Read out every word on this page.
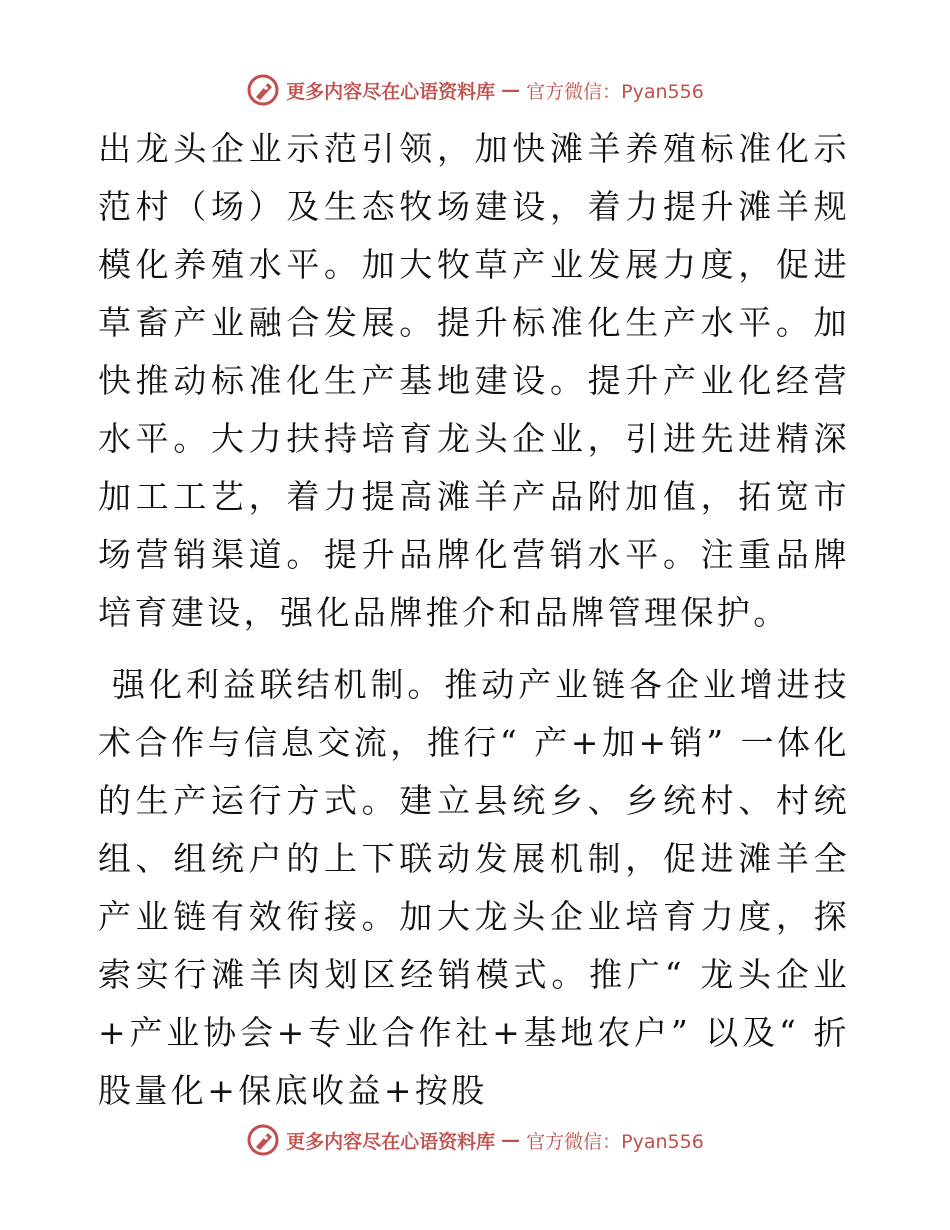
更多内容尽在心语资料库 — 官方微信：Pyan556

出龙头企业示范引领，加快滩羊养殖标准化示范村（场）及生态牧场建设，着力提升滩羊规模化养殖水平。加大牧草产业发展力度，促进草畜产业融合发展。提升标准化生产水平。加快推动标准化生产基地建设。提升产业化经营水平。大力扶持培育龙头企业，引进先进精深加工工艺，着力提高滩羊产品附加值，拓宽市场营销渠道。提升品牌化营销水平。注重品牌培育建设，强化品牌推介和品牌管理保护。

强化利益联结机制。推动产业链各企业增进技术合作与信息交流，推行“ 产+加+销” 一体化的生产运行方式。建立县统乡、乡统村、村统组、组统户的上下联动发展机制，促进滩羊全产业链有效衔接。加大龙头企业培育力度，探索实行滩羊肉划区经销模式。推广“ 龙头企业+产业协会+专业合作社+基地农户” 以及“ 折股量化+保底收益+按股

更多内容尽在心语资料库 — 官方微信：Pyan556
